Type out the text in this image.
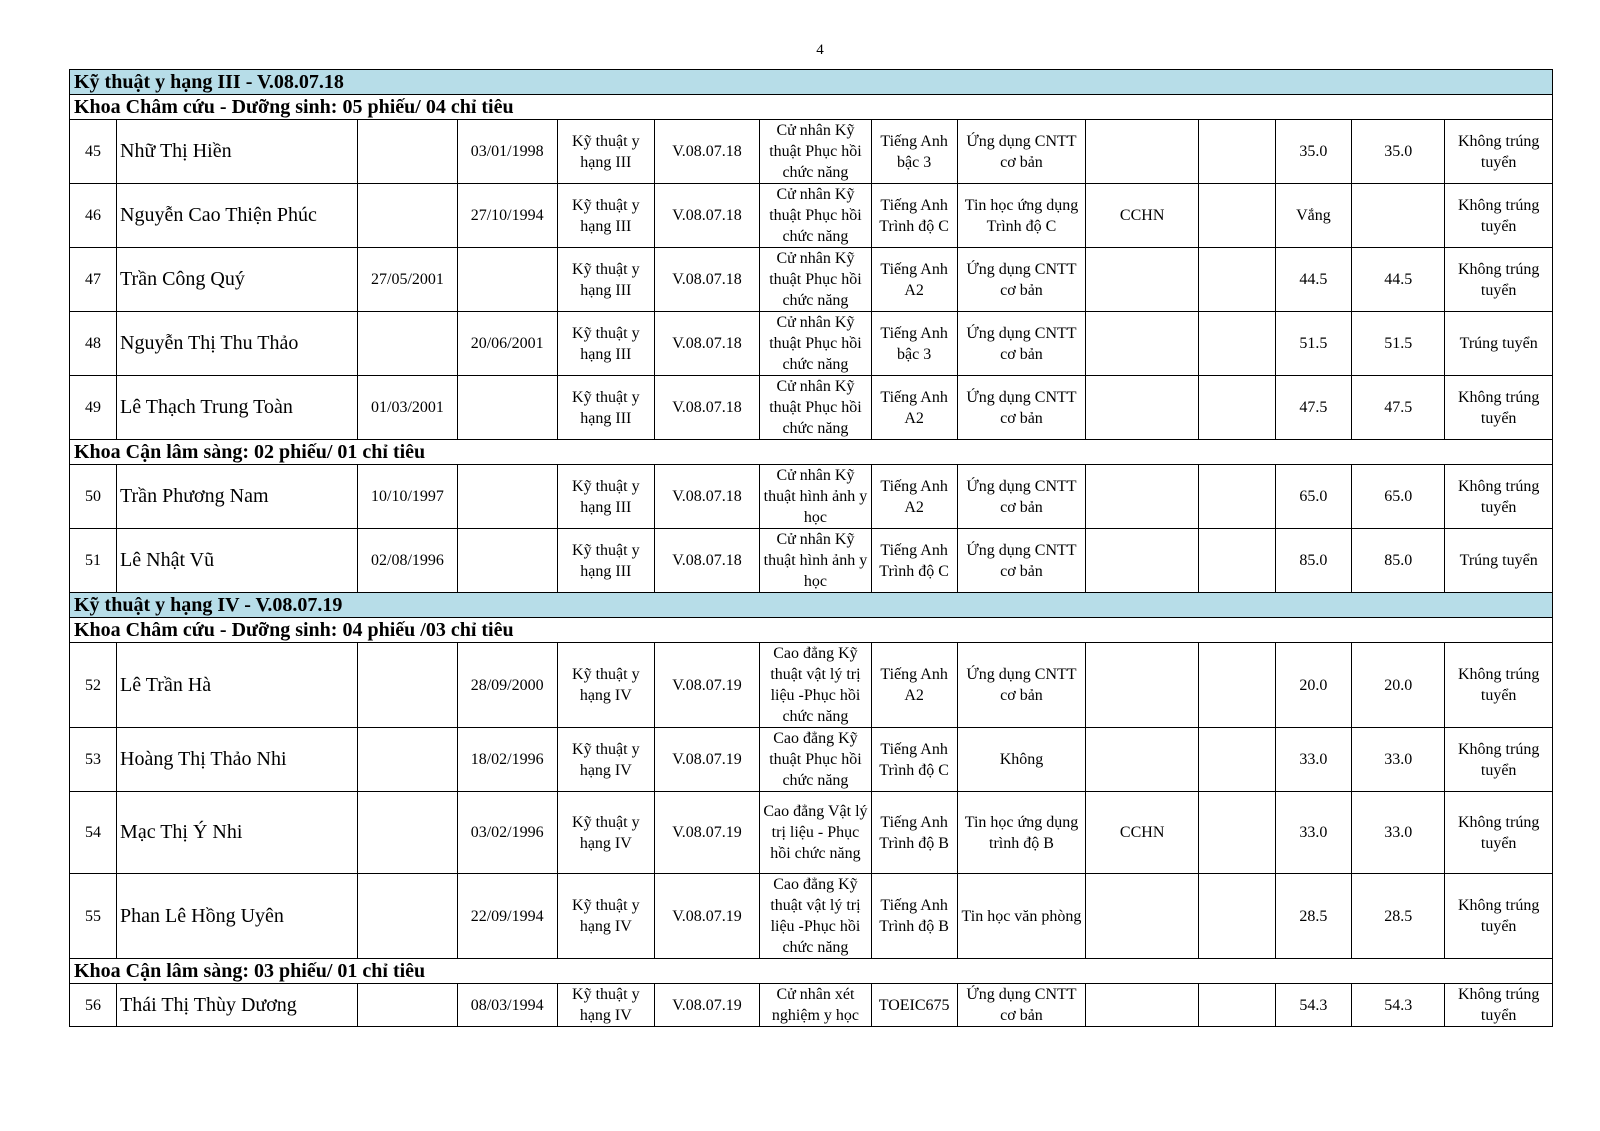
4
Kỹ thuật y hạng III - V.08.07.18													
Khoa Châm cứu - Dưỡng sinh: 05 phiếu/ 04 chỉ tiêu													
45	Nhữ Thị Hiền		03/01/1998	Kỹ thuật y hạng III	V.08.07.18	Cử nhân Kỹ thuật Phục hồi chức năng	Tiếng Anh bậc 3	Ứng dụng CNTT cơ bản			35.0	35.0	Không trúng tuyển
46	Nguyễn Cao Thiện Phúc		27/10/1994	Kỹ thuật y hạng III	V.08.07.18	Cử nhân Kỹ thuật Phục hồi chức năng	Tiếng Anh Trình độ C	Tin học ứng dụng Trình độ C	CCHN		Vắng		Không trúng tuyển
47	Trần Công Quý	27/05/2001		Kỹ thuật y hạng III	V.08.07.18	Cử nhân Kỹ thuật Phục hồi chức năng	Tiếng Anh A2	Ứng dụng CNTT cơ bản			44.5	44.5	Không trúng tuyển
48	Nguyễn Thị Thu Thảo		20/06/2001	Kỹ thuật y hạng III	V.08.07.18	Cử nhân Kỹ thuật Phục hồi chức năng	Tiếng Anh bậc 3	Ứng dụng CNTT cơ bản			51.5	51.5	Trúng tuyển
49	Lê Thạch Trung Toàn	01/03/2001		Kỹ thuật y hạng III	V.08.07.18	Cử nhân Kỹ thuật Phục hồi chức năng	Tiếng Anh A2	Ứng dụng CNTT cơ bản			47.5	47.5	Không trúng tuyển
Khoa Cận lâm sàng: 02 phiếu/ 01 chỉ tiêu													
50	Trần Phương Nam	10/10/1997		Kỹ thuật y hạng III	V.08.07.18	Cử nhân Kỹ thuật hình ảnh y học	Tiếng Anh A2	Ứng dụng CNTT cơ bản			65.0	65.0	Không trúng tuyển
51	Lê Nhật Vũ	02/08/1996		Kỹ thuật y hạng III	V.08.07.18	Cử nhân Kỹ thuật hình ảnh y học	Tiếng Anh Trình độ C	Ứng dụng CNTT cơ bản			85.0	85.0	Trúng tuyển
Kỹ thuật y hạng IV - V.08.07.19													
Khoa Châm cứu - Dưỡng sinh: 04 phiếu /03 chỉ tiêu													
52	Lê Trần Hà		28/09/2000	Kỹ thuật y hạng IV	V.08.07.19	Cao đẳng Kỹ thuật vật lý trị liệu -Phục hồi chức năng	Tiếng Anh A2	Ứng dụng CNTT cơ bản			20.0	20.0	Không trúng tuyển
53	Hoàng Thị Thảo Nhi		18/02/1996	Kỹ thuật y hạng IV	V.08.07.19	Cao đẳng Kỹ thuật Phục hồi chức năng	Tiếng Anh Trình độ C	Không			33.0	33.0	Không trúng tuyển
54	Mạc Thị Ý Nhi		03/02/1996	Kỹ thuật y hạng IV	V.08.07.19	Cao đẳng Vật lý trị liệu - Phục hồi chức năng	Tiếng Anh Trình độ B	Tin học ứng dụng trình độ B	CCHN		33.0	33.0	Không trúng tuyển
55	Phan Lê Hồng Uyên		22/09/1994	Kỹ thuật y hạng IV	V.08.07.19	Cao đẳng Kỹ thuật vật lý trị liệu -Phục hồi chức năng	Tiếng Anh Trình độ B	Tin học văn phòng			28.5	28.5	Không trúng tuyển
Khoa Cận lâm sàng: 03 phiếu/ 01 chỉ tiêu													
56	Thái Thị Thùy Dương		08/03/1994	Kỹ thuật y hạng IV	V.08.07.19	Cử nhân xét nghiệm y học	TOEIC675	Ứng dụng CNTT cơ bản			54.3	54.3	Không trúng tuyển
